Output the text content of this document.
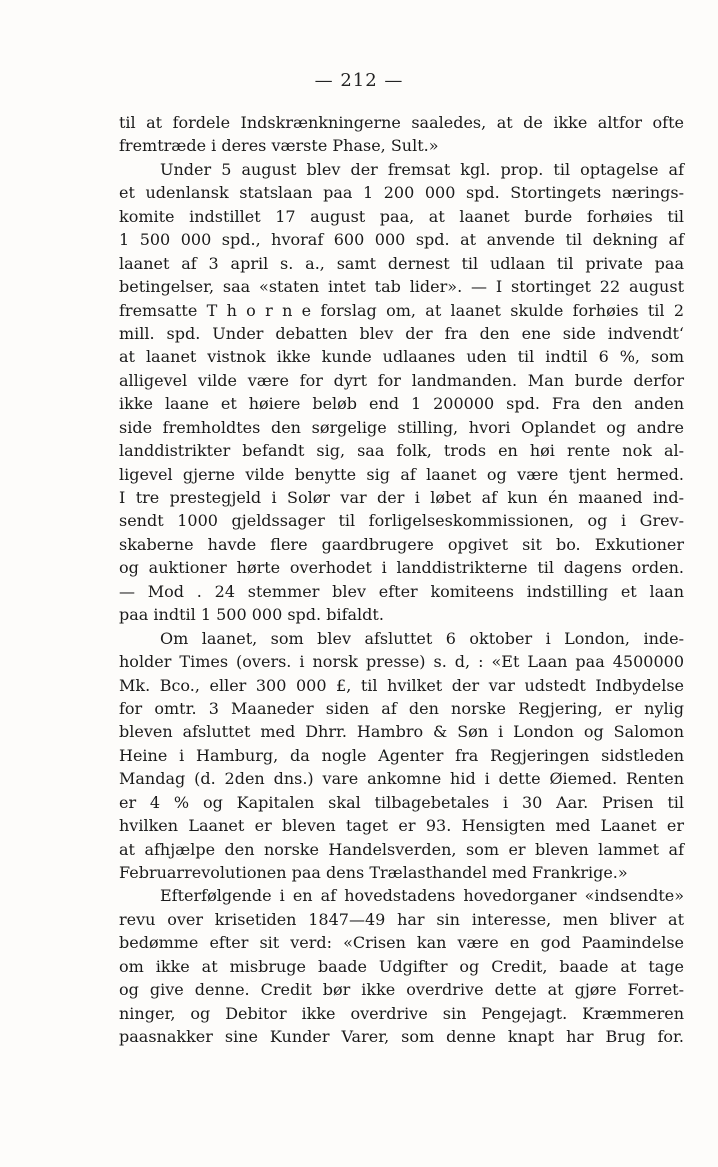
— 212 —
til at fordele Indskrænkningerne saaledes, at de ikke altfor ofte
fremtræde i deres værste Phase, Sult.»
Under 5 august blev der fremsat kgl. prop. til optagelse af
et udenlansk statslaan paa 1 200 000 spd. Stortingets nærings-
komite indstillet 17 august paa, at laanet burde forhøies til
1 500 000 spd., hvoraf 600 000 spd. at anvende til dekning af
laanet af 3 april s. a., samt dernest til udlaan til private paa
betingelser, saa «staten intet tab lider». — I stortinget 22 august
fremsatte T h o r n e forslag om, at laanet skulde forhøies til 2
mill. spd. Under debatten blev der fra den ene side indvendt‘
at laanet vistnok ikke kunde udlaanes uden til indtil 6 %, som
alligevel vilde være for dyrt for landmanden. Man burde derfor
ikke laane et høiere beløb end 1 200000 spd. Fra den anden
side fremholdtes den sørgelige stilling, hvori Oplandet og andre
landdistrikter befandt sig, saa folk, trods en høi rente nok al-
ligevel gjerne vilde benytte sig af laanet og være tjent hermed.
I tre prestegjeld i Solør var der i løbet af kun én maaned ind-
sendt 1000 gjeldssager til forligelseskommissionen, og i Grev-
skaberne havde flere gaardbrugere opgivet sit bo. Exkutioner
og auktioner hørte overhodet i landdistrikterne til dagens orden.
— Mod . 24 stemmer blev efter komiteens indstilling et laan
paa indtil 1 500 000 spd. bifaldt.
Om laanet, som blev afsluttet 6 oktober i London, inde-
holder Times (overs. i norsk presse) s. d, : «Et Laan paa 4500000
Mk. Bco., eller 300 000 £, til hvilket der var udstedt Indbydelse
for omtr. 3 Maaneder siden af den norske Regjering, er nylig
bleven afsluttet med Dhrr. Hambro & Søn i London og Salomon
Heine i Hamburg, da nogle Agenter fra Regjeringen sidstleden
Mandag (d. 2den dns.) vare ankomne hid i dette Øiemed. Renten
er 4 % og Kapitalen skal tilbagebetales i 30 Aar. Prisen til
hvilken Laanet er bleven taget er 93. Hensigten med Laanet er
at afhjælpe den norske Handelsverden, som er bleven lammet af
Februarrevolutionen paa dens Trælasthandel med Frankrige.»
Efterfølgende i en af hovedstadens hovedorganer «indsendte»
revu over krisetiden 1847—49 har sin interesse, men bliver at
bedømme efter sit verd: «Crisen kan være en god Paamindelse
om ikke at misbruge baade Udgifter og Credit, baade at tage
og give denne. Credit bør ikke overdrive dette at gjøre Forret-
ninger, og Debitor ikke overdrive sin Pengejagt. Kræmmeren
paasnakker sine Kunder Varer, som denne knapt har Brug for.
